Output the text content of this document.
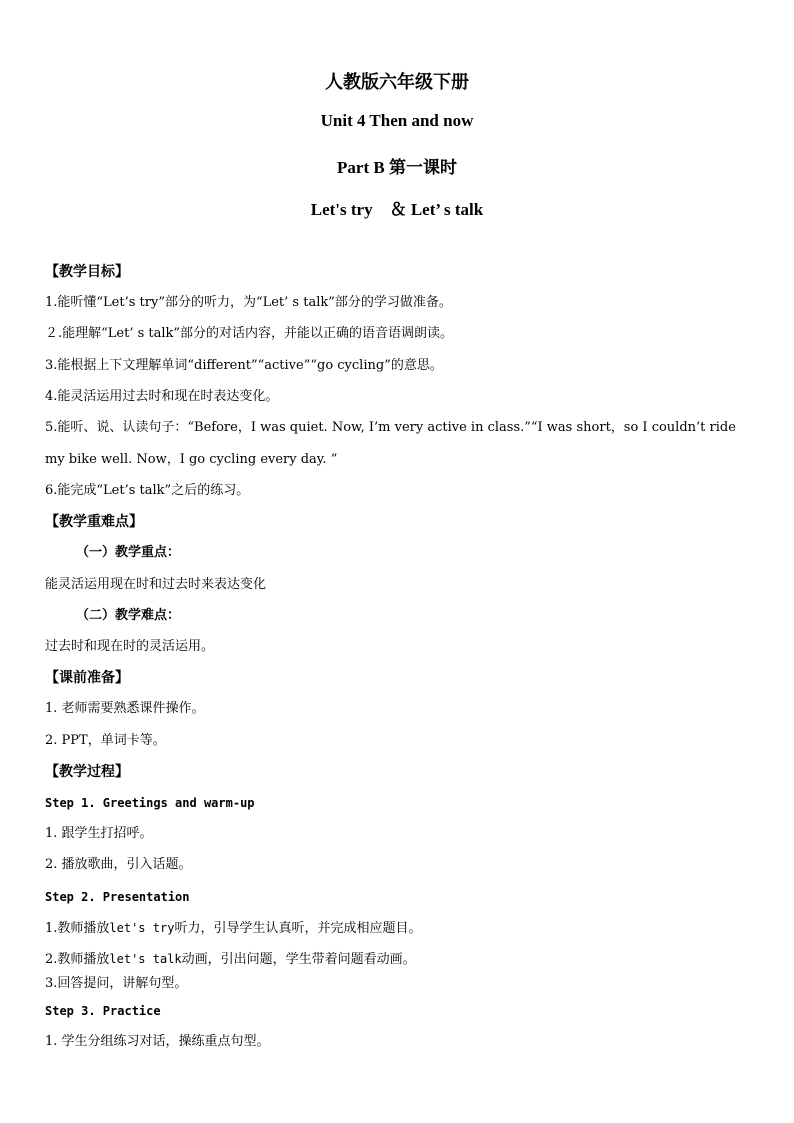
人教版六年级下册
Unit 4 Then and now
Part B 第一课时
Let's try　＆ Let’ s talk
【教学目标】
1.能听懂“Let’s try”部分的听力，为“Let’ s talk”部分的学习做准备。
２.能理解“Let’ s talk”部分的对话内容，并能以正确的语音语调朗读。
3.能根据上下文理解单词“different”“active”“go cycling”的意思。
4.能灵活运用过去时和现在时表达变化。
5.能听、说、认读句子：“Before，I was quiet. Now, I’m very active in class.”“I was short，so I couldn’t ride my bike well. Now，I go cycling every day. ”
6.能完成“Let’s talk”之后的练习。
【教学重难点】
（一）教学重点：
能灵活运用现在时和过去时来表达变化
（二）教学难点：
过去时和现在时的灵活运用。
【课前准备】
1. 老师需要熟悉课件操作。
2. PPT，单词卡等。
【教学过程】
Step 1. Greetings and warm-up
1. 跟学生打招呼。
2. 播放歌曲，引入话题。
Step 2. Presentation
1.教师播放let's try听力，引导学生认真听，并完成相应题目。
2.教师播放let's talk动画，引出问题，学生带着问题看动画。
3.回答提问，讲解句型。
Step 3. Practice
1. 学生分组练习对话，操练重点句型。
